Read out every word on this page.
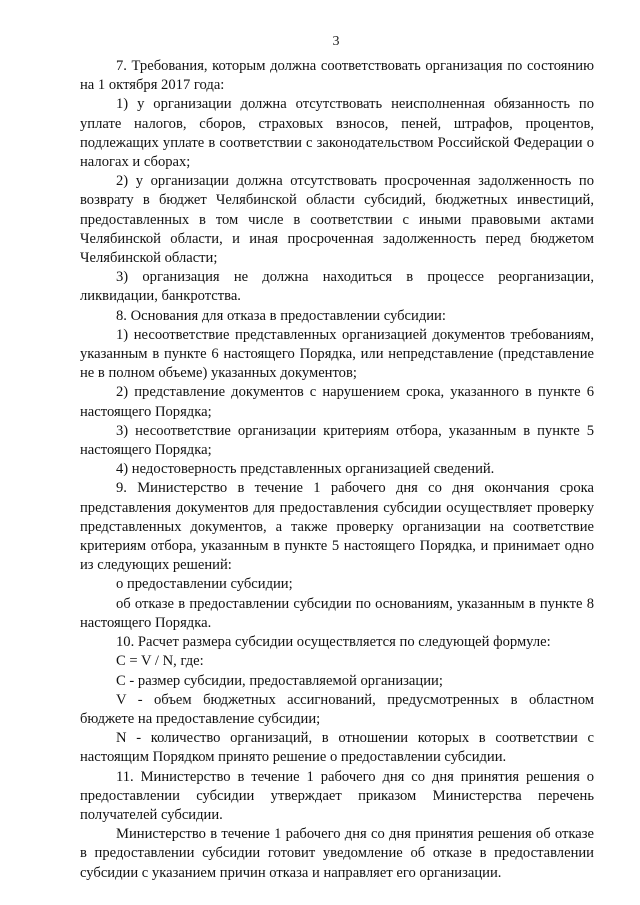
3

7. Требования, которым должна соответствовать организация по состоянию на 1 октября 2017 года:

1) у организации должна отсутствовать неисполненная обязанность по уплате налогов, сборов, страховых взносов, пеней, штрафов, процентов, подлежащих уплате в соответствии с законодательством Российской Федерации о налогах и сборах;

2) у организации должна отсутствовать просроченная задолженность по возврату в бюджет Челябинской области субсидий, бюджетных инвестиций, предоставленных в том числе в соответствии с иными правовыми актами Челябинской области, и иная просроченная задолженность перед бюджетом Челябинской области;

3) организация не должна находиться в процессе реорганизации, ликвидации, банкротства.

8. Основания для отказа в предоставлении субсидии:

1) несоответствие представленных организацией документов требованиям, указанным в пункте 6 настоящего Порядка, или непредставление (представление не в полном объеме) указанных документов;

2) представление документов с нарушением срока, указанного в пункте 6 настоящего Порядка;

3) несоответствие организации критериям отбора, указанным в пункте 5 настоящего Порядка;

4) недостоверность представленных организацией сведений.

9. Министерство в течение 1 рабочего дня со дня окончания срока представления документов для предоставления субсидии осуществляет проверку представленных документов, а также проверку организации на соответствие критериям отбора, указанным в пункте 5 настоящего Порядка, и принимает одно из следующих решений:

о предоставлении субсидии;

об отказе в предоставлении субсидии по основаниям, указанным в пункте 8 настоящего Порядка.

10. Расчет размера субсидии осуществляется по следующей формуле:

C = V / N, где:

C - размер субсидии, предоставляемой организации;

V - объем бюджетных ассигнований, предусмотренных в областном бюджете на предоставление субсидии;

N - количество организаций, в отношении которых в соответствии с настоящим Порядком принято решение о предоставлении субсидии.

11. Министерство в течение 1 рабочего дня со дня принятия решения о предоставлении субсидии утверждает приказом Министерства перечень получателей субсидии.

Министерство в течение 1 рабочего дня со дня принятия решения об отказе в предоставлении субсидии готовит уведомление об отказе в предоставлении субсидии с указанием причин отказа и направляет его организации.
